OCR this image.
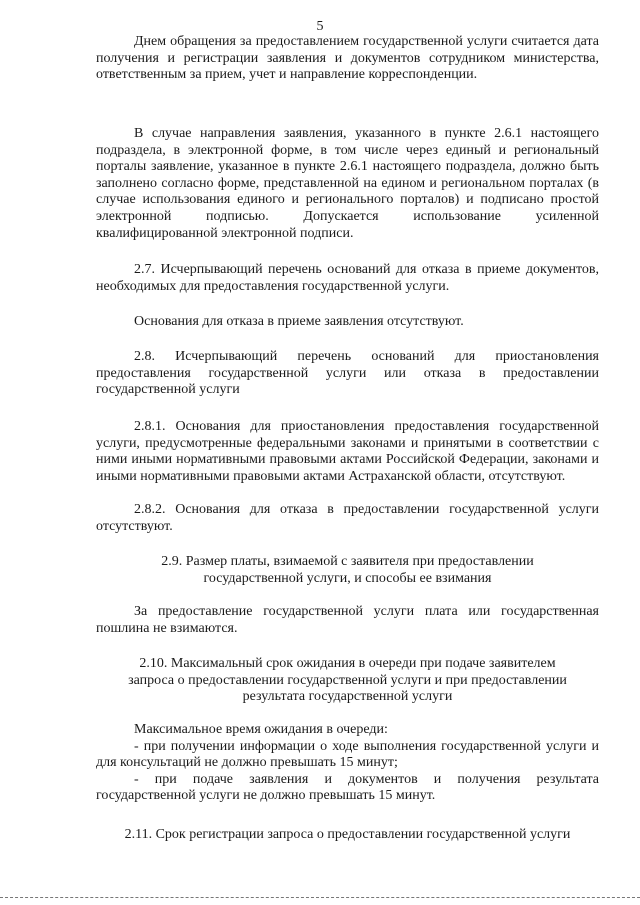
5

Днем обращения за предоставлением государственной услуги считается дата получения и регистрации заявления и документов сотрудником министерства, ответственным за прием, учет и направление корреспонденции.

В случае направления заявления, указанного в пункте 2.6.1 настоящего подраздела, в электронной форме, в том числе через единый и региональный порталы заявление, указанное в пункте 2.6.1 настоящего подраздела, должно быть заполнено согласно форме, представленной на едином и региональном порталах (в случае использования единого и регионального порталов) и подписано простой электронной подписью. Допускается использование усиленной квалифицированной электронной подписи.

2.7. Исчерпывающий перечень оснований для отказа в приеме документов, необходимых для предоставления государственной услуги.

Основания для отказа в приеме заявления отсутствуют.

2.8. Исчерпывающий перечень оснований для приостановления предоставления государственной услуги или отказа в предоставлении государственной услуги

2.8.1. Основания для приостановления предоставления государственной услуги, предусмотренные федеральными законами и принятыми в соответствии с ними иными нормативными правовыми актами Российской Федерации, законами и иными нормативными правовыми актами Астраханской области, отсутствуют.

2.8.2. Основания для отказа в предоставлении государственной услуги отсутствуют.

2.9. Размер платы, взимаемой с заявителя при предоставлении

государственной услуги, и способы ее взимания

За предоставление государственной услуги плата или государственная пошлина не взимаются.

2.10. Максимальный срок ожидания в очереди при подаче заявителем

запроса о предоставлении государственной услуги и при предоставлении

результата государственной услуги

Максимальное время ожидания в очереди:

- при получении информации о ходе выполнения государственной услуги и для консультаций не должно превышать 15 минут;

- при подаче заявления и документов и получения результата государственной услуги не должно превышать 15 минут.

2.11. Срок регистрации запроса о предоставлении государственной услуги
